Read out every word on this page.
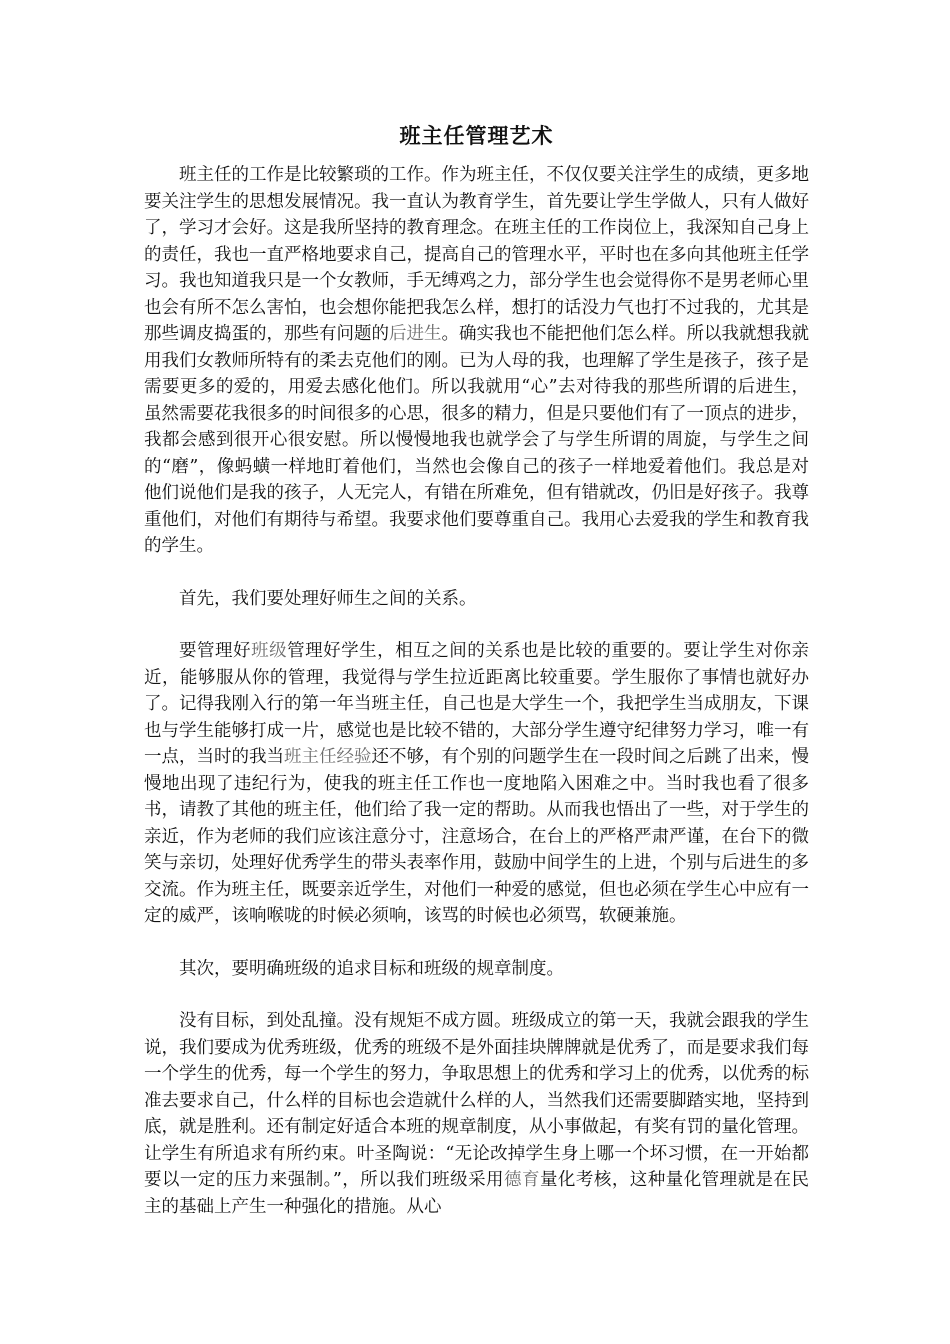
班主任管理艺术

班主任的工作是比较繁琐的工作。作为班主任，不仅仅要关注学生的成绩，更多地要关注学生的思想发展情况。我一直认为教育学生，首先要让学生学做人，只有人做好了，学习才会好。这是我所坚持的教育理念。在班主任的工作岗位上，我深知自己身上的责任，我也一直严格地要求自己，提高自己的管理水平，平时也在多向其他班主任学习。我也知道我只是一个女教师，手无缚鸡之力，部分学生也会觉得你不是男老师心里也会有所不怎么害怕，也会想你能把我怎么样，想打的话没力气也打不过我的，尤其是那些调皮捣蛋的，那些有问题的后进生。确实我也不能把他们怎么样。所以我就想我就用我们女教师所特有的柔去克他们的刚。已为人母的我，也理解了学生是孩子，孩子是需要更多的爱的，用爱去感化他们。所以我就用“心”去对待我的那些所谓的后进生，虽然需要花我很多的时间很多的心思，很多的精力，但是只要他们有了一顶点的进步，我都会感到很开心很安慰。所以慢慢地我也就学会了与学生所谓的周旋，与学生之间的“磨”，像蚂蟥一样地盯着他们，当然也会像自己的孩子一样地爱着他们。我总是对他们说他们是我的孩子，人无完人，有错在所难免，但有错就改，仍旧是好孩子。我尊重他们，对他们有期待与希望。我要求他们要尊重自己。我用心去爱我的学生和教育我的学生。

首先，我们要处理好师生之间的关系。

要管理好班级管理好学生，相互之间的关系也是比较的重要的。要让学生对你亲近，能够服从你的管理，我觉得与学生拉近距离比较重要。学生服你了事情也就好办了。记得我刚入行的第一年当班主任，自己也是大学生一个，我把学生当成朋友，下课也与学生能够打成一片，感觉也是比较不错的，大部分学生遵守纪律努力学习，唯一有一点，当时的我当班主任经验还不够，有个别的问题学生在一段时间之后跳了出来，慢慢地出现了违纪行为，使我的班主任工作也一度地陷入困难之中。当时我也看了很多书，请教了其他的班主任，他们给了我一定的帮助。从而我也悟出了一些，对于学生的亲近，作为老师的我们应该注意分寸，注意场合，在台上的严格严肃严谨，在台下的微笑与亲切，处理好优秀学生的带头表率作用，鼓励中间学生的上进，个别与后进生的多交流。作为班主任，既要亲近学生，对他们一种爱的感觉，但也必须在学生心中应有一定的威严，该响喉咙的时候必须响，该骂的时候也必须骂，软硬兼施。

其次，要明确班级的追求目标和班级的规章制度。

没有目标，到处乱撞。没有规矩不成方圆。班级成立的第一天，我就会跟我的学生说，我们要成为优秀班级，优秀的班级不是外面挂块牌牌就是优秀了，而是要求我们每一个学生的优秀，每一个学生的努力，争取思想上的优秀和学习上的优秀，以优秀的标准去要求自己，什么样的目标也会造就什么样的人，当然我们还需要脚踏实地，坚持到底，就是胜利。还有制定好适合本班的规章制度，从小事做起，有奖有罚的量化管理。让学生有所追求有所约束。叶圣陶说：“无论改掉学生身上哪一个坏习惯，在一开始都要以一定的压力来强制。”，所以我们班级采用德育量化考核，这种量化管理就是在民主的基础上产生一种强化的措施。从心
